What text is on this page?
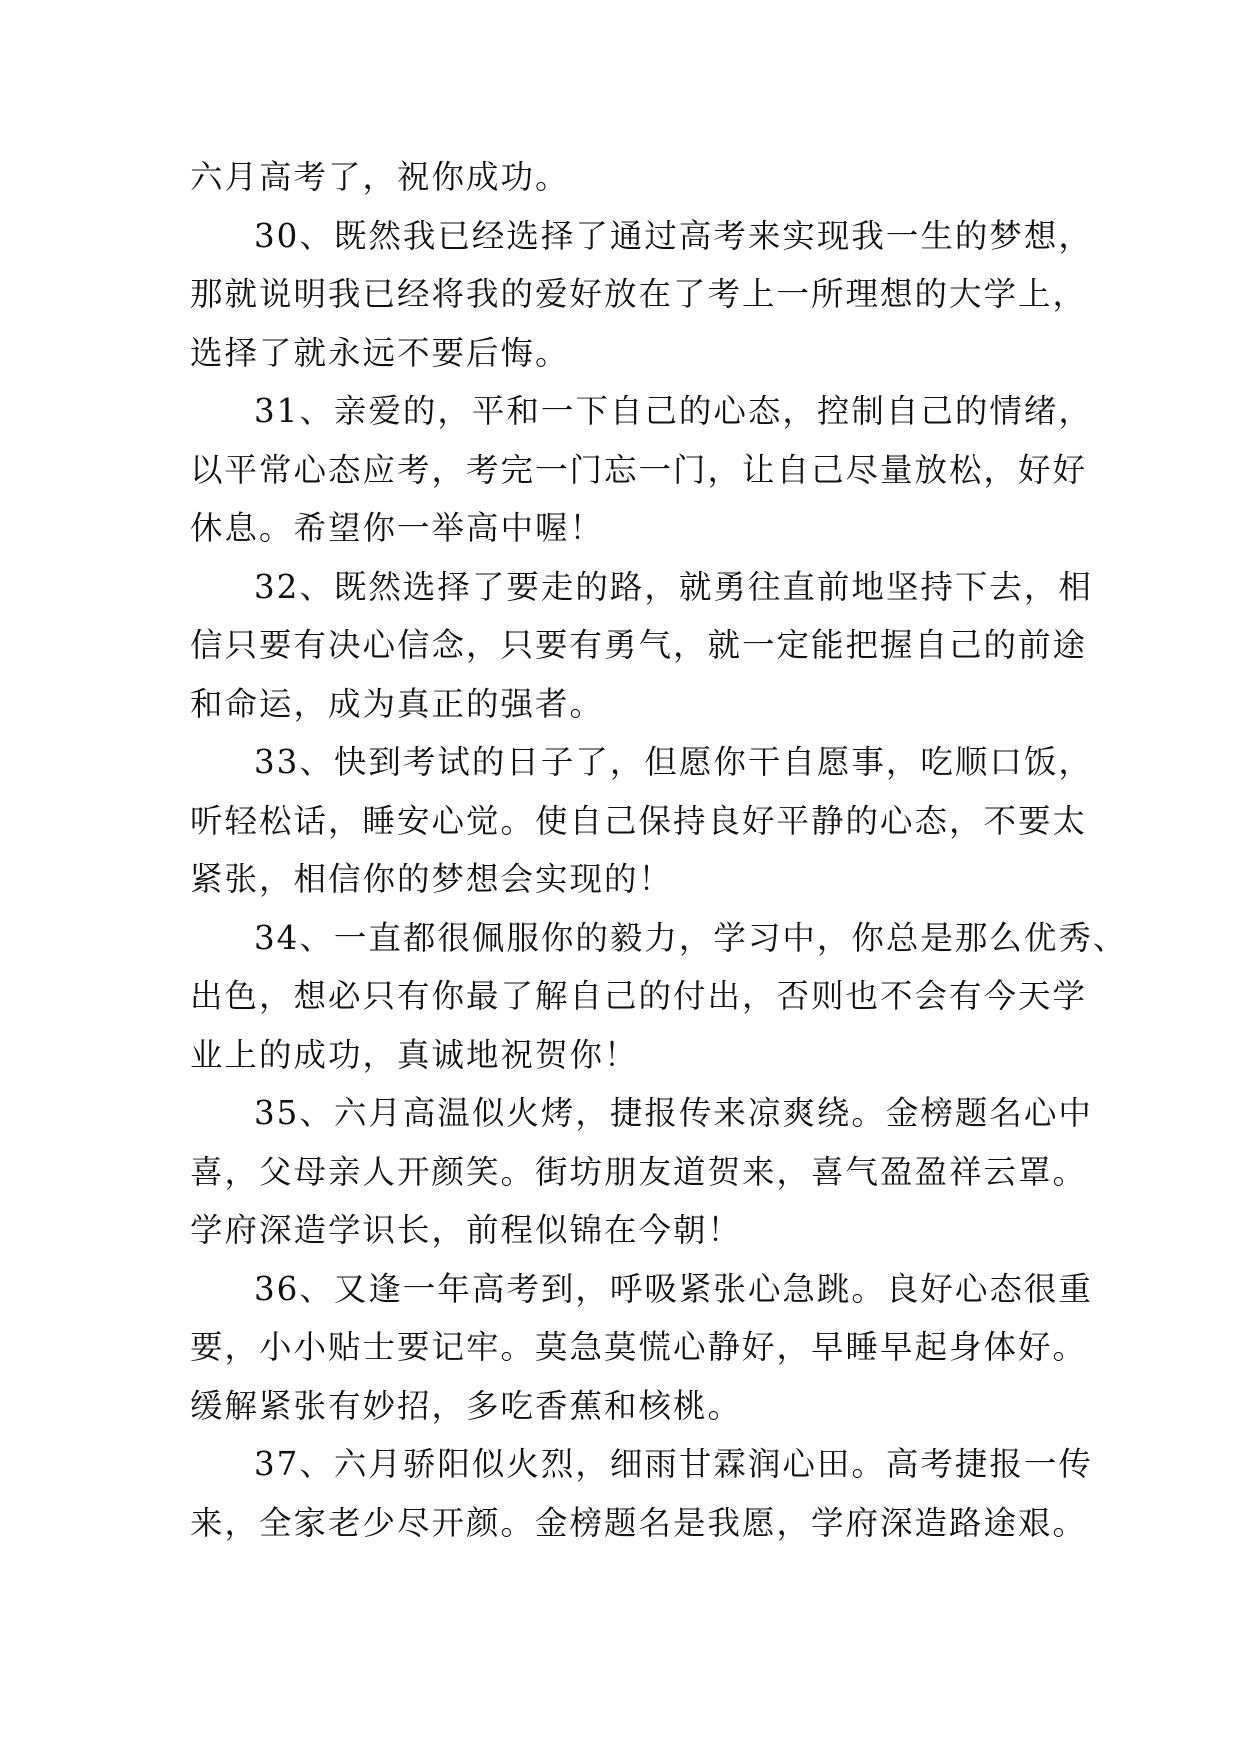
六月高考了，祝你成功。
30、既然我已经选择了通过高考来实现我一生的梦想，
那就说明我已经将我的爱好放在了考上一所理想的大学上，
选择了就永远不要后悔。
31、亲爱的，平和一下自己的心态，控制自己的情绪，
以平常心态应考，考完一门忘一门，让自己尽量放松，好好
休息。希望你一举高中喔！
32、既然选择了要走的路，就勇往直前地坚持下去，相
信只要有决心信念，只要有勇气，就一定能把握自己的前途
和命运，成为真正的强者。
33、快到考试的日子了，但愿你干自愿事，吃顺口饭，
听轻松话，睡安心觉。使自己保持良好平静的心态，不要太
紧张，相信你的梦想会实现的！
34、一直都很佩服你的毅力，学习中，你总是那么优秀、
出色，想必只有你最了解自己的付出，否则也不会有今天学
业上的成功，真诚地祝贺你！
35、六月高温似火烤，捷报传来凉爽绕。金榜题名心中
喜，父母亲人开颜笑。街坊朋友道贺来，喜气盈盈祥云罩。
学府深造学识长，前程似锦在今朝！
36、又逢一年高考到，呼吸紧张心急跳。良好心态很重
要，小小贴士要记牢。莫急莫慌心静好，早睡早起身体好。
缓解紧张有妙招，多吃香蕉和核桃。
37、六月骄阳似火烈，细雨甘霖润心田。高考捷报一传
来，全家老少尽开颜。金榜题名是我愿，学府深造路途艰。
